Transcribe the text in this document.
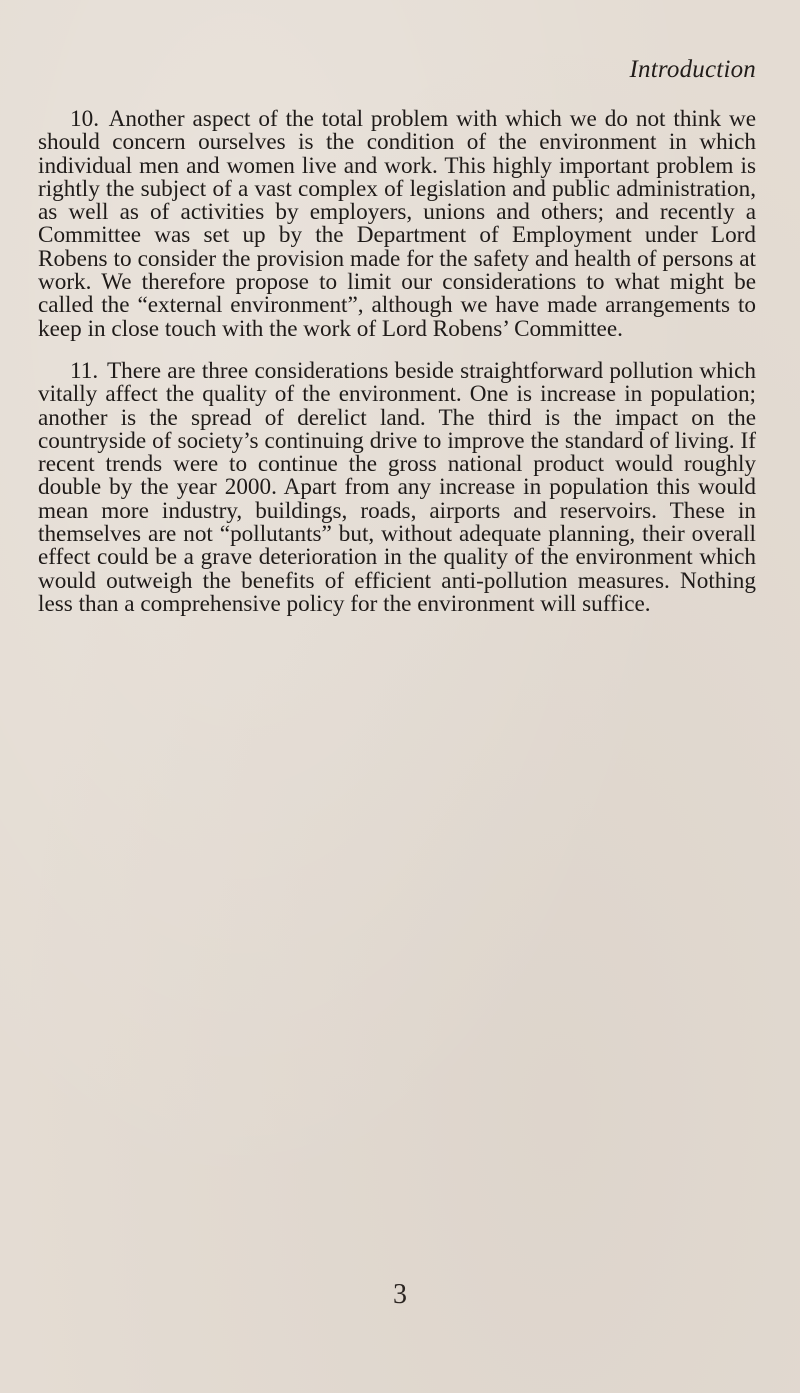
Introduction

10. Another aspect of the total problem with which we do not think we should concern ourselves is the condition of the environment in which individual men and women live and work. This highly important problem is rightly the subject of a vast complex of legislation and public administration, as well as of activities by employers, unions and others; and recently a Committee was set up by the Department of Employment under Lord Robens to consider the provision made for the safety and health of persons at work. We therefore propose to limit our considerations to what might be called the “external environment”, although we have made arrangements to keep in close touch with the work of Lord Robens’ Committee.

11. There are three considerations beside straightforward pollution which vitally affect the quality of the environment. One is increase in population; another is the spread of derelict land. The third is the impact on the countryside of society’s continuing drive to improve the standard of living. If recent trends were to continue the gross national product would roughly double by the year 2000. Apart from any increase in population this would mean more industry, buildings, roads, airports and reservoirs. These in themselves are not “pollutants” but, without adequate planning, their overall effect could be a grave deterioration in the quality of the environment which would outweigh the benefits of efficient anti-pollution measures. Nothing less than a comprehensive policy for the environment will suffice.

3
